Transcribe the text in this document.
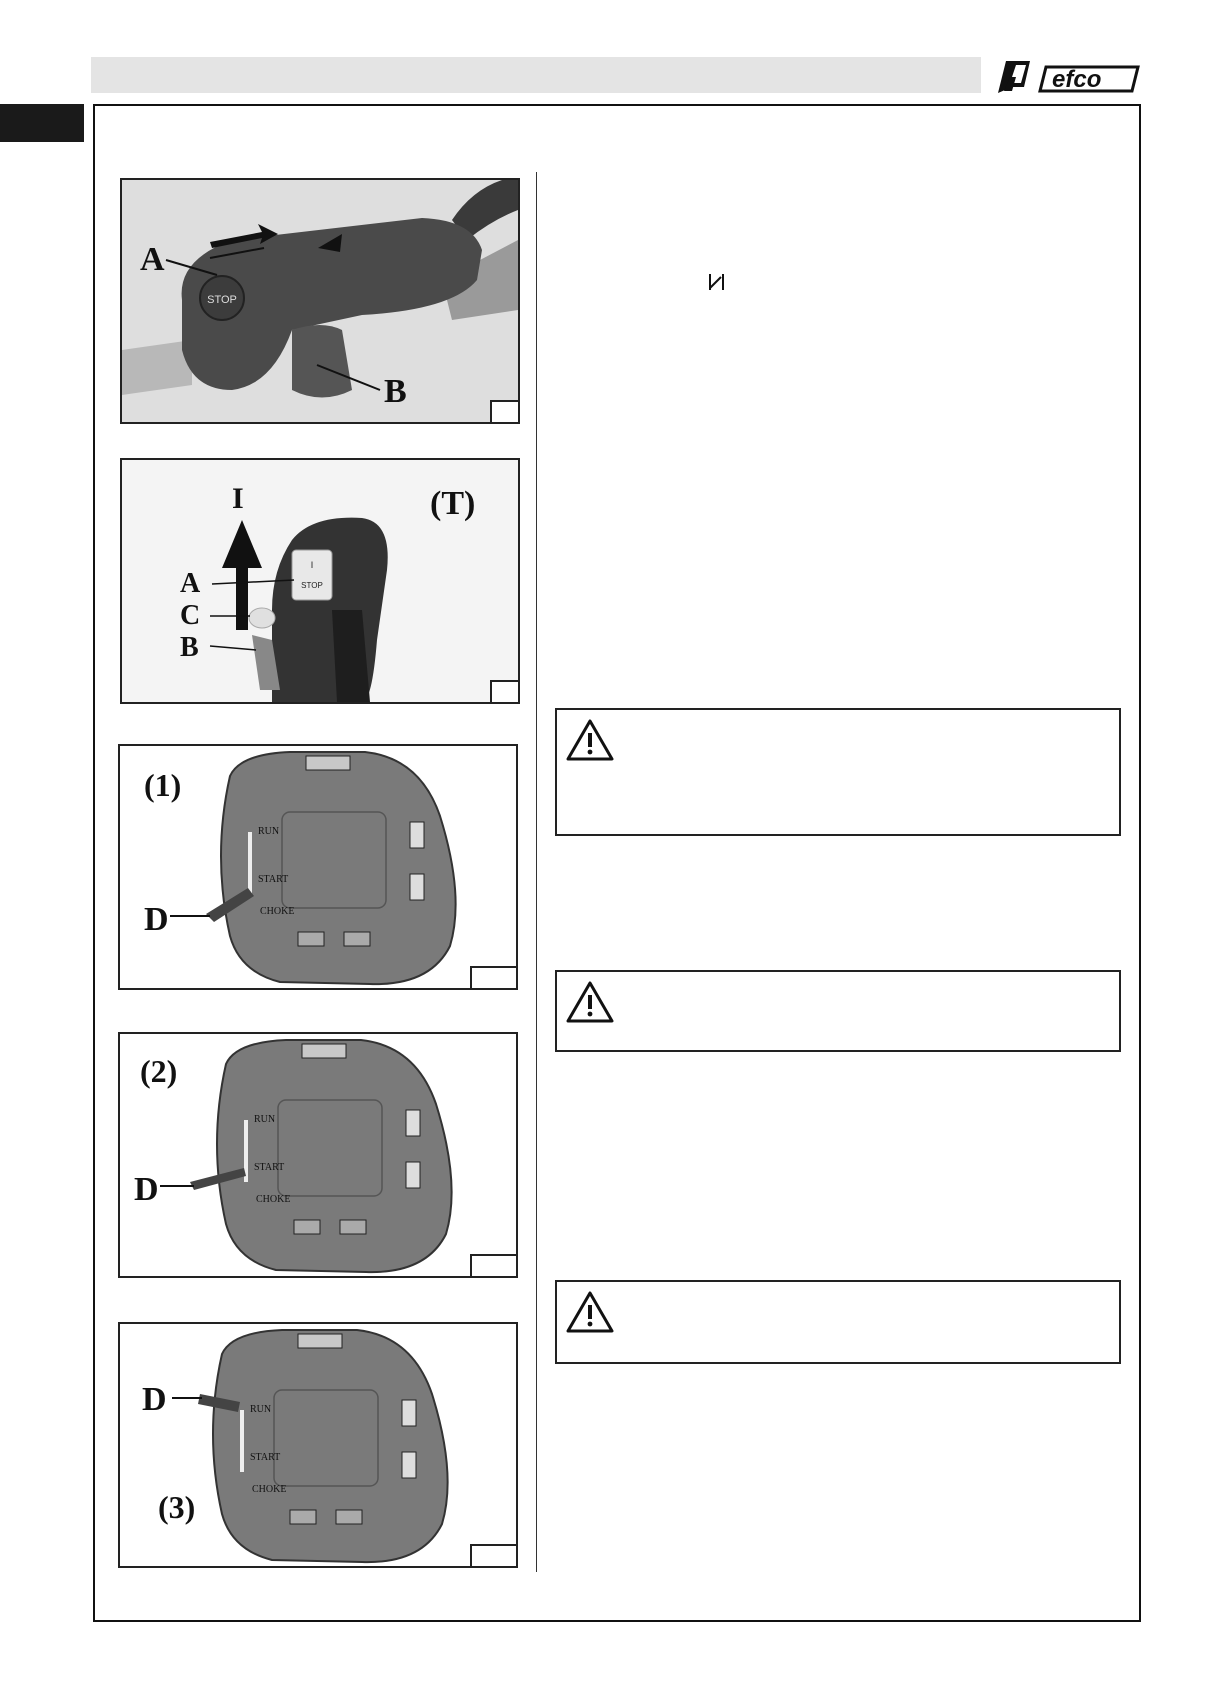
efco
STOP
A
B
I
STOP
I	(T)
A
C
B
RUN
START
CHOKE
D
(1)
RUN
START
CHOKE
D
(2)
RUN
START
CHOKE
D
(3)
